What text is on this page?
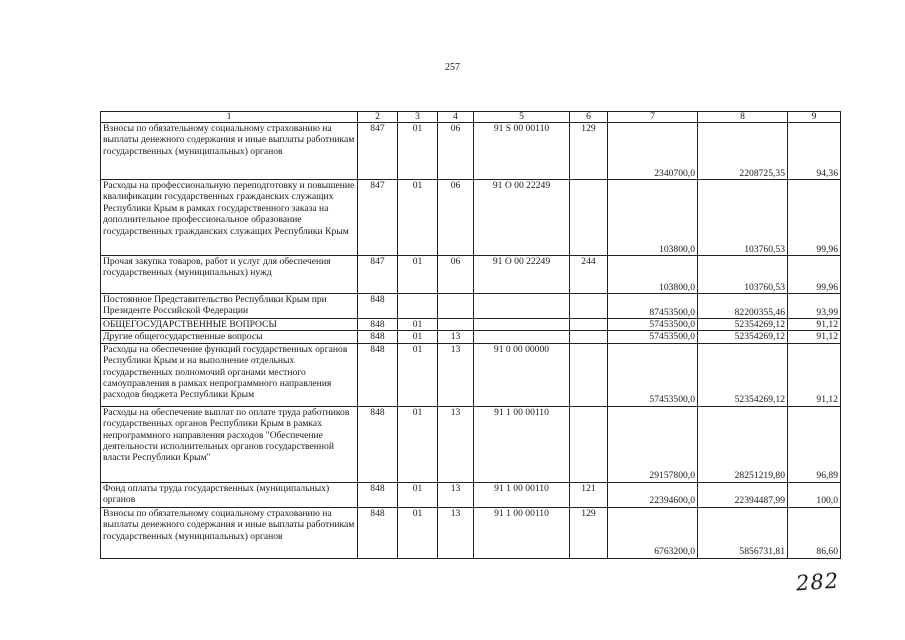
257
1	2	3	4	5	6	7	8	9
Взносы по обязательному социальному страхованию на выплаты денежного содержания и иные выплаты работникам государственных (муниципальных) органов	847	01	06	91 S 00 00110	129	2340700,0	2208725,35	94,36
Расходы на профессиональную переподготовку и повышение квалификации государственных гражданских служащих Республики Крым в рамках государственного заказа на дополнительное профессиональное образование государственных гражданских служащих Республики Крым	847	01	06	91 О 00 22249		103800,0	103760,53	99,96
Прочая закупка товаров, работ и услуг для обеспечения государственных (муниципальных) нужд	847	01	06	91 О 00 22249	244	103800,0	103760,53	99,96
Постоянное Представительство Республики Крым при Президенте Российской Федерации	848					87453500,0	82200355,46	93,99
ОБЩЕГОСУДАРСТВЕННЫЕ ВОПРОСЫ	848	01				57453500,0	52354269,12	91,12
Другие общегосударственные вопросы	848	01	13			57453500,0	52354269,12	91,12
Расходы на обеспечение функций государственных органов Республики Крым и на выполнение отдельных государственных полномочий органами местного самоуправления в рамках непрограммного направления расходов бюджета Республики Крым	848	01	13	91 0 00 00000		57453500,0	52354269,12	91,12
Расходы на обеспечение выплат по оплате труда работников государственных органов Республики Крым в рамках непрограммного направления расходов "Обеспечение деятельности исполнительных органов государственной власти Республики Крым"	848	01	13	91 1 00 00110		29157800,0	28251219,80	96,89
Фонд оплаты труда государственных (муниципальных) органов	848	01	13	91 1 00 00110	121	22394600,0	22394487,99	100,0
Взносы по обязательному социальному страхованию на выплаты денежного содержания и иные выплаты работникам государственных (муниципальных) органов	848	01	13	91 1 00 00110	129	6763200,0	5856731,81	86,60
282
